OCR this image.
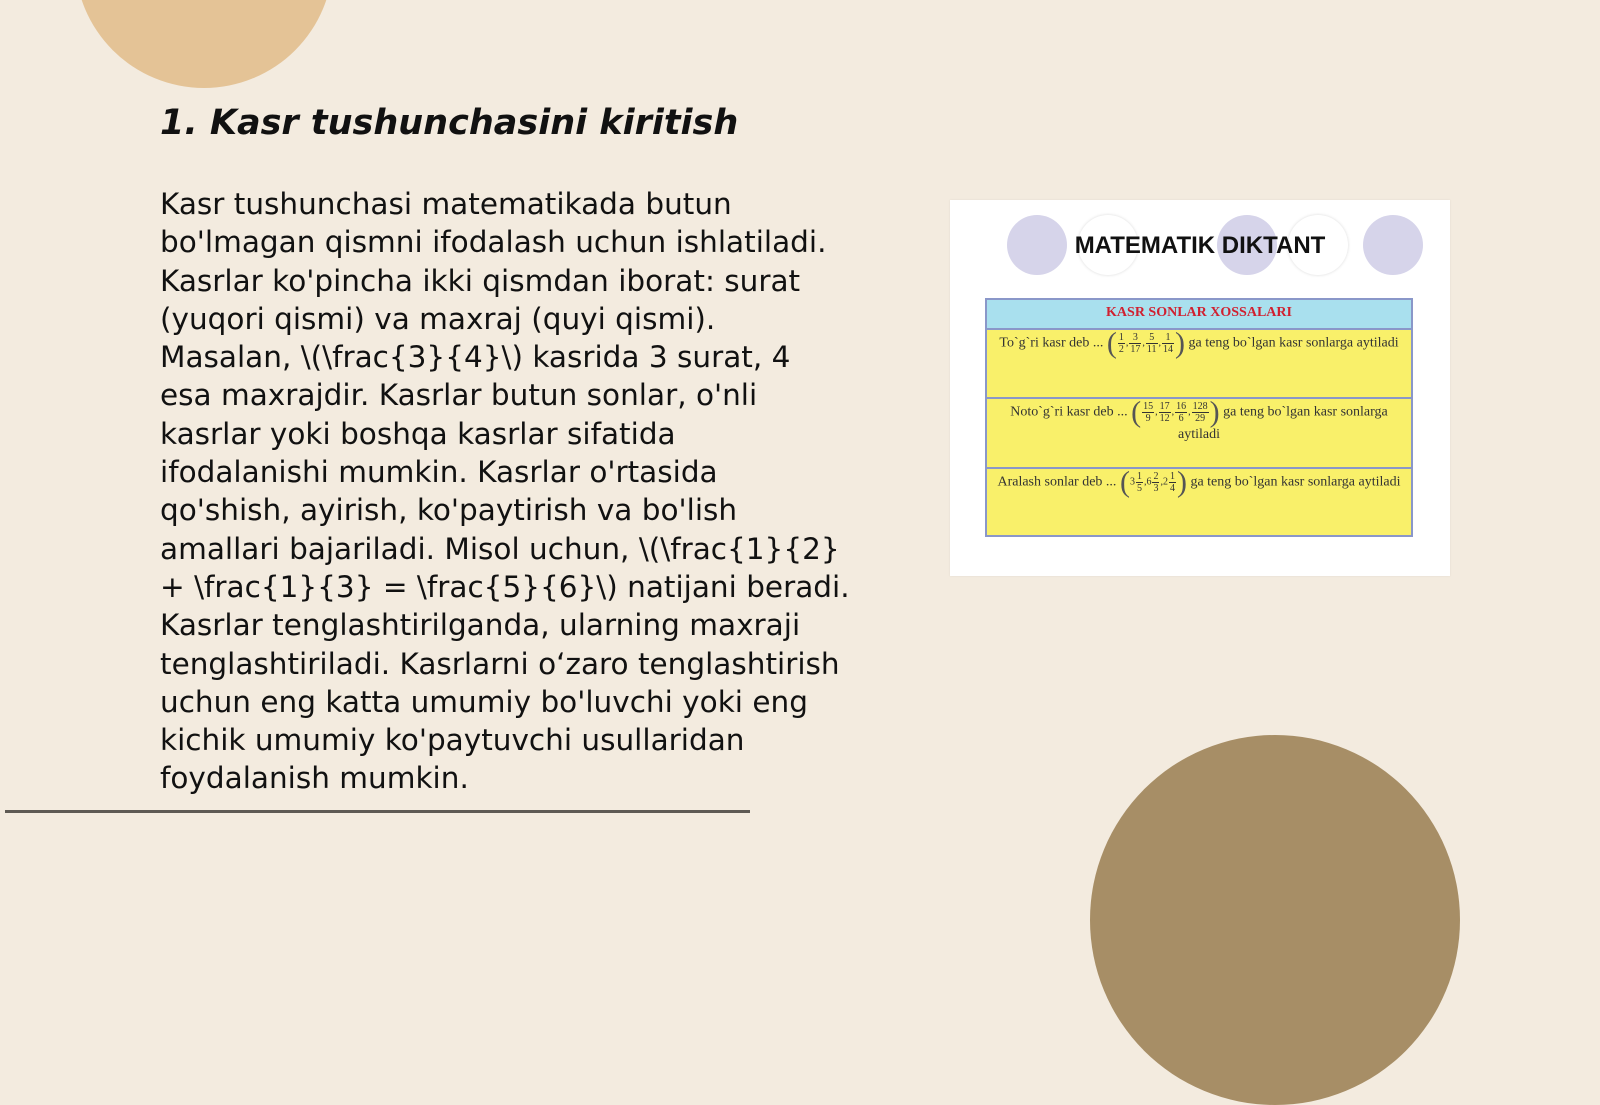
1. Kasr tushunchasini kiritish

Kasr tushunchasi matematikada butun bo'lmagan qismni ifodalash uchun ishlatiladi. Kasrlar ko'pincha ikki qismdan iborat: surat (yuqori qismi) va maxraj (quyi qismi). Masalan, \(\frac{3}{4}\) kasrida 3 surat, 4 esa maxrajdir. Kasrlar butun sonlar, o'nli kasrlar yoki boshqa kasrlar sifatida ifodalanishi mumkin. Kasrlar o'rtasida qo'shish, ayirish, ko'paytirish va bo'lish amallari bajariladi. Misol uchun, \(\frac{1}{2} + \frac{1}{3} = \frac{5}{6}\) natijani beradi. Kasrlar tenglashtirilganda, ularning maxraji tenglashtiriladi. Kasrlarni o‘zaro tenglashtirish uchun eng katta umumiy bo'luvchi yoki eng kichik umumiy ko'paytuvchi usullaridan foydalanish mumkin.

MATEMATIK DIKTANT
KASR SONLAR XOSSALARI
To`g`ri kasr deb ... ( $\frac{1}{2}$ , $\frac{3}{17}$ , $\frac{5}{11}$ , $\frac{1}{14}$ ) ga teng bo`lgan kasr sonlarga aytiladi
Noto`g`ri kasr deb ... ( $\frac{15}{9}$ , $\frac{17}{12}$ , $\frac{16}{6}$ , $\frac{128}{29}$ ) ga teng bo`lgan kasr sonlarga aytiladi
Aralash sonlar deb ... ($3 \frac{1}{5} ,6 \frac{2}{3} ,2 \frac{1}{4}$ ) ga teng bo`lgan kasr sonlarga aytiladi
